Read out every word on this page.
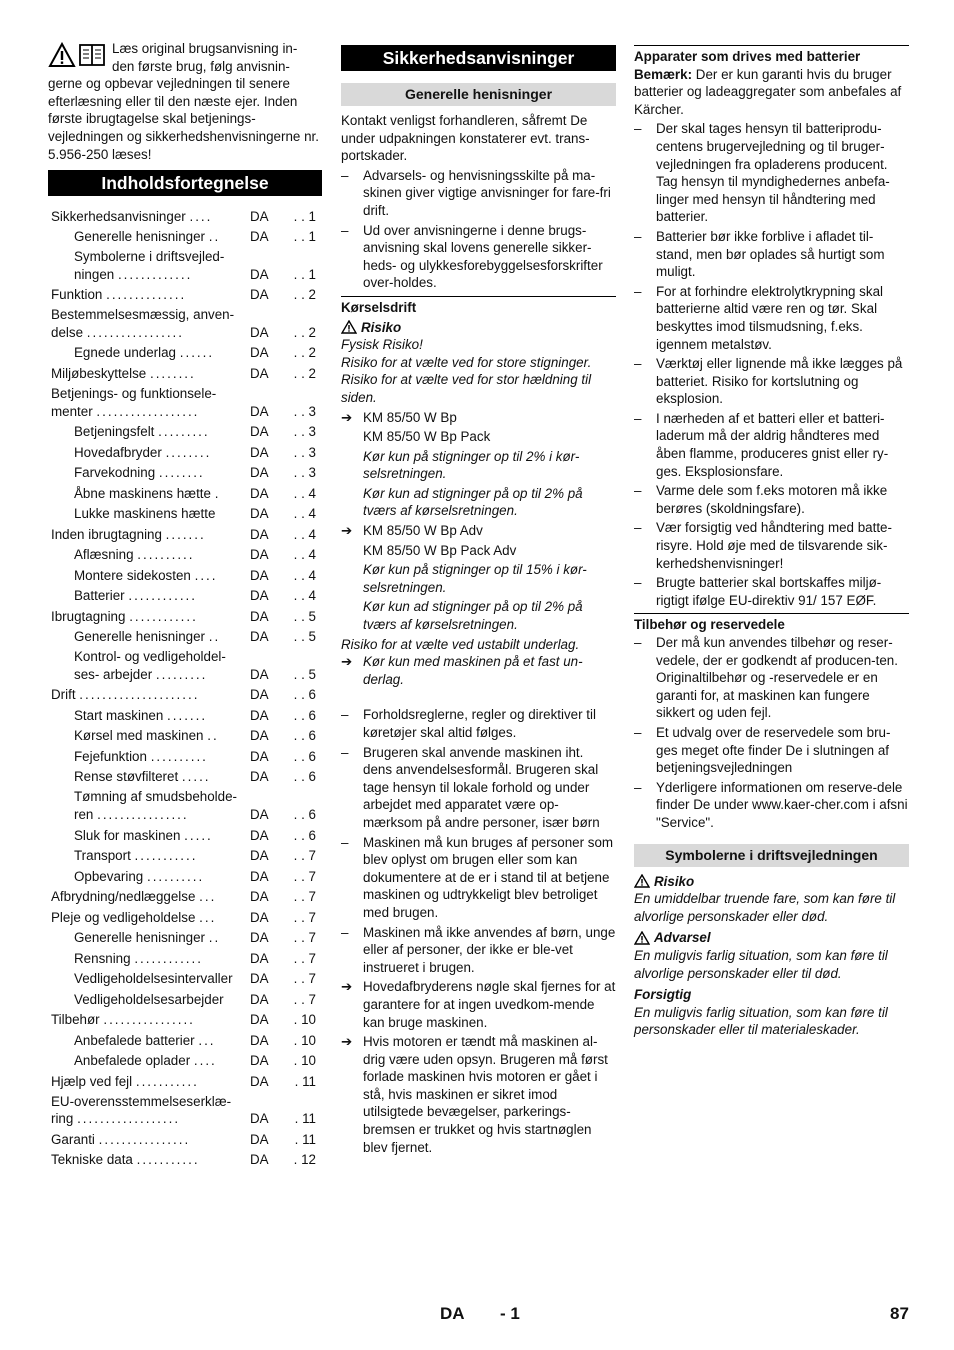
Læs original brugsanvisning in-

den første brug, følg anvisnin-

gerne og opbevar vejledningen til senere efterlæsning eller til den næste ejer. Inden første ibrugtagelse skal betjenings-vejledningen og sikkerhedshenvisningerne nr. 5.956-250 læses!

Indholdsfortegnelse
Sikkerhedsanvisninger ....	DA	. . 1
Generelle henisninger ..	DA	. . 1
Symbolerne i driftsvejled-
ningen .............	DA	. . 1
Funktion ..............	DA	. . 2
Bestemmelsesmæssig, anven-
delse .................	DA	. . 2
Egnede underlag ......	DA	. . 2
Miljøbeskyttelse ........	DA	. . 2
Betjenings- og funktionsele-
menter ..................	DA	. . 3
Betjeningsfelt .........	DA	. . 3
Hovedafbryder ........	DA	. . 3
Farvekodning ........	DA	. . 3
Åbne maskinens hætte .	DA	. . 4
Lukke maskinens hætte	DA	. . 4
Inden ibrugtagning .......	DA	. . 4
Aflæsning ..........	DA	. . 4
Montere sidekosten ....	DA	. . 4
Batterier ............	DA	. . 4
Ibrugtagning ............	DA	. . 5
Generelle henisninger ..	DA	. . 5
Kontrol- og vedligeholdel-
ses- arbejder .........	DA	. . 5
Drift .....................	DA	. . 6
Start maskinen .......	DA	. . 6
Kørsel med maskinen ..	DA	. . 6
Fejefunktion ..........	DA	. . 6
Rense støvfilteret .....	DA	. . 6
Tømning af smudsbeholde-
ren ................	DA	. . 6
Sluk for maskinen .....	DA	. . 6
Transport ...........	DA	. . 7
Opbevaring ..........	DA	. . 7
Afbrydning/nedlæggelse ...	DA	. . 7
Pleje og vedligeholdelse ...	DA	. . 7
Generelle henisninger ..	DA	. . 7
Rensning ............	DA	. . 7
Vedligeholdelsesintervaller	DA	. . 7
Vedligeholdelsesarbejder	DA	. . 7
Tilbehør ................	DA	. 10
Anbefalede batterier ...	DA	. 10
Anbefalede oplader ....	DA	. 10
Hjælp ved fejl ...........	DA	. 11
EU-overensstemmelseserklæ-
ring ..................	DA	. 11
Garanti ................	DA	. 11
Tekniske data ...........	DA	. 12
Sikkerhedsanvisninger
Generelle henisninger

Kontakt venligst forhandleren, såfremt De under udpakningen konstaterer evt. trans-portskader.

– Advarsels- og henvisningsskilte på ma-skinen giver vigtige anvisninger for fare-fri drift.
– Ud over anvisningerne i denne brugs-anvisning skal lovens generelle sikker-heds- og ulykkesforebyggelsesforskrifter over-holdes.
Kørselsdrift
Risiko

Fysisk Risiko!

Risiko for at vælte ved for store stigninger.

Risiko for at vælte ved for stor hældning til siden.

➔ KM 85/50 W Bp

KM 85/50 W Bp Pack

Kør kun på stigninger op til 2% i kør-selsretningen.

Kør kun ad stigninger på op til 2% på tværs af kørselsretningen.

➔ KM 85/50 W Bp Adv

KM 85/50 W Bp Pack Adv

Kør kun på stigninger op til 15% i kør-selsretningen.

Kør kun ad stigninger på op til 2% på tværs af kørselsretningen.

Risiko for at vælte ved ustabilt underlag.

➔ Kør kun med maskinen på et fast un-derlag.

– Forholdsreglerne, regler og direktiver til køretøjer skal altid følges.
– Brugeren skal anvende maskinen iht. dens anvendelsesformål. Brugeren skal tage hensyn til lokale forhold og under arbejdet med apparatet være op-mærksom på andre personer, især børn
– Maskinen må kun bruges af personer som blev oplyst om brugen eller som kan dokumentere at de er i stand til at betjene maskinen og udtrykkeligt blev betroliget med brugen.
– Maskinen må ikke anvendes af børn, unge eller af personer, der ikke er ble-vet instrueret i brugen.
➔ Hovedafbryderens nøgle skal fjernes for at garantere for at ingen uvedkom-mende kan bruge maskinen.

➔ Hvis motoren er tændt må maskinen al-drig være uden opsyn. Brugeren må først forlade maskinen hvis motoren er gået i stå, hvis maskinen er sikret imod utilsigtede bevægelser, parkerings-bremsen er trukket og hvis startnøglen blev fjernet.

Apparater som drives med batterier

Bemærk: Der er kun garanti hvis du bruger batterier og ladeaggregater som anbefales af Kärcher.

– Der skal tages hensyn til batteriprodu-centens brugervejledning og til bruger-vejledningen fra opladerens producent. Tag hensyn til myndighedernes anbefa-linger med hensyn til håndtering med batterier.
– Batterier bør ikke forblive i afladet til-stand, men bør oplades så hurtigt som muligt.
– For at forhindre elektrolytkrypning skal batterierne altid være ren og tør. Skal beskyttes imod tilsmudsning, f.eks. igennem metalstøv.
– Værktøj eller lignende må ikke lægges på batteriet. Risiko for kortslutning og eksplosion.
– I nærheden af et batteri eller et batteri-laderum må der aldrig håndteres med åben flamme, produceres gnist eller ry-ges. Eksplosionsfare.
– Varme dele som f.eks motoren må ikke berøres (skoldningsfare).
– Vær forsigtig ved håndtering med batte-risyre. Hold øje med de tilsvarende sik-kerhedshenvisninger!
– Brugte batterier skal bortskaffes miljø-rigtigt ifølge EU-direktiv 91/ 157 EØF.
Tilbehør og reservedele
– Der må kun anvendes tilbehør og reser-vedele, der er godkendt af producen-ten. Originaltilbehør og -reservedele er en garanti for, at maskinen kan fungere sikkert og uden fejl.
– Et udvalg over de reservedele som bru-ges meget ofte finder De i slutningen af betjeningsvejledningen
– Yderligere informationen om reserve-dele finder De under www.kaer-cher.com i afsni "Service".
Symbolerne i driftsvejledningen
Risiko

En umiddelbar truende fare, som kan føre til alvorlige personskader eller død.

Advarsel

En muligvis farlig situation, som kan føre til alvorlige personskader eller til død.

Forsigtig

En muligvis farlig situation, som kan føre til personskader eller til materialeskader.

DA - 1	87
